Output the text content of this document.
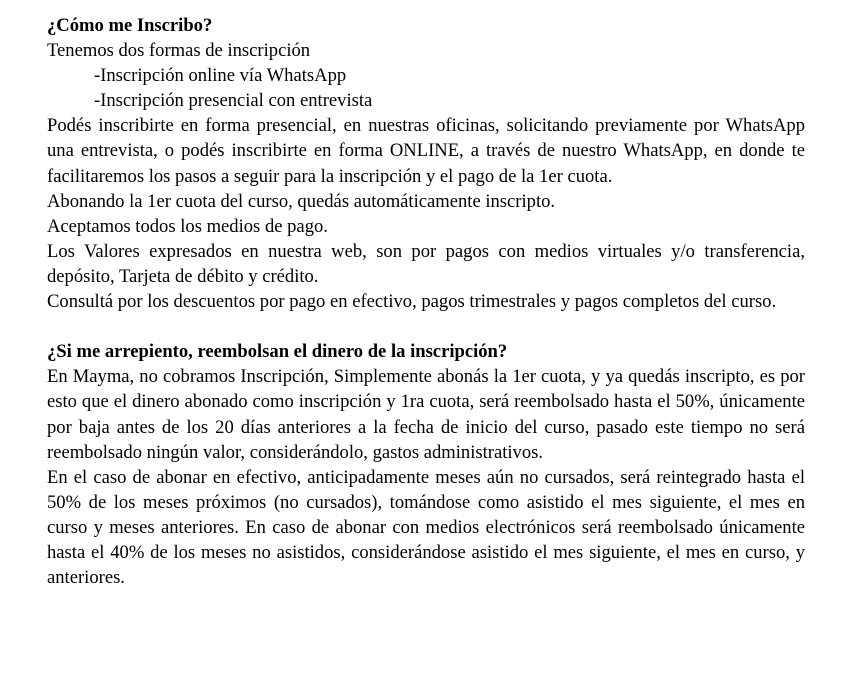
¿Cómo me Inscribo?

Tenemos dos formas de inscripción

-Inscripción online vía WhatsApp

-Inscripción presencial con entrevista

Podés inscribirte en forma presencial, en nuestras oficinas, solicitando previamente por WhatsApp una entrevista, o podés inscribirte en forma ONLINE, a través de nuestro WhatsApp, en donde te facilitaremos los pasos a seguir para la inscripción y el pago de la 1er cuota.

Abonando la 1er cuota del curso, quedás automáticamente inscripto.

Aceptamos todos los medios de pago.

Los Valores expresados en nuestra web, son por pagos con medios virtuales y/o transferencia, depósito, Tarjeta de débito y crédito.

Consultá por los descuentos por pago en efectivo, pagos trimestrales y pagos completos del curso.

¿Si me arrepiento, reembolsan el dinero de la inscripción?

En Mayma, no cobramos Inscripción, Simplemente abonás la 1er cuota, y ya quedás inscripto, es por esto que el dinero abonado como inscripción y 1ra cuota, será reembolsado hasta el 50%, únicamente por baja antes de los 20 días anteriores a la fecha de inicio del curso, pasado este tiempo no será reembolsado ningún valor, considerándolo, gastos administrativos.

En el caso de abonar en efectivo, anticipadamente meses aún no cursados, será reintegrado hasta el 50% de los meses próximos (no cursados), tomándose como asistido el mes siguiente, el mes en curso y meses anteriores. En caso de abonar con medios electrónicos será reembolsado únicamente hasta el 40% de los meses no asistidos, considerándose asistido el mes siguiente, el mes en curso, y anteriores.
